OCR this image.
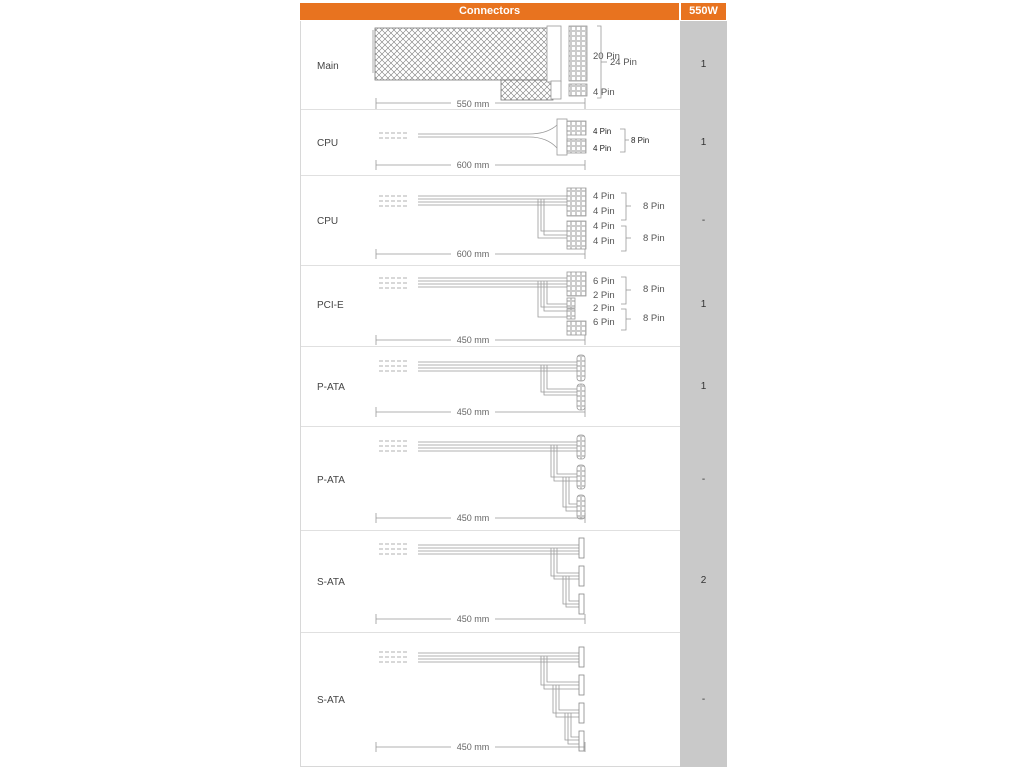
Connectors	550W
Main
CPU
CPU
PCI-E
P-ATA
P-ATA
S-ATA
S-ATA
1
1
-
1
1
-
2
-
20 Pin
4 Pin
24 Pin
550 mm
4 Pin
4 Pin
8 Pin
600 mm
4 Pin
4 Pin
4 Pin
4 Pin
8 Pin
8 Pin
600 mm
6 Pin
2 Pin
2 Pin
6 Pin
8 Pin
8 Pin
450 mm
450 mm
450 mm
450 mm
450 mm
